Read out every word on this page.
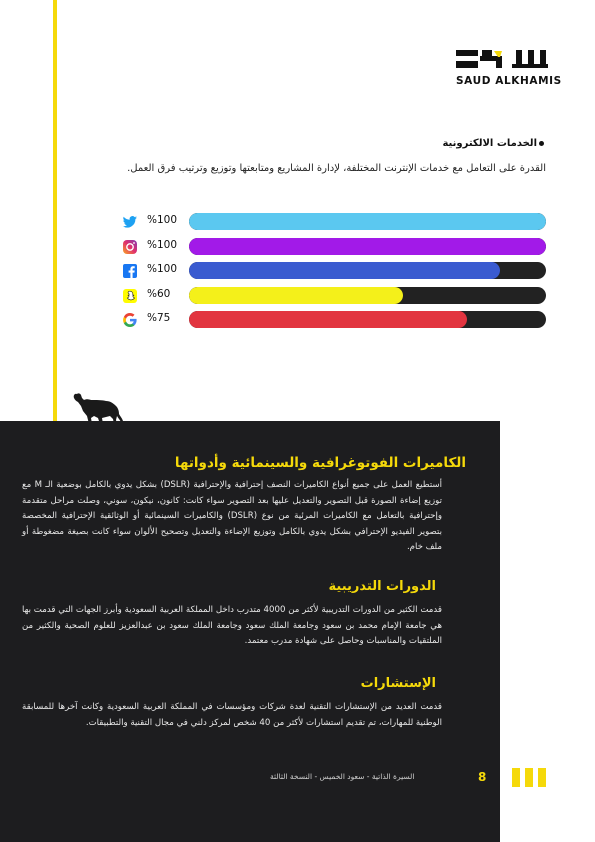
SAUD ALKHAMIS
الخدمات الالكترونية
القدرة على التعامل مع خدمات الإنترنت المختلفة، لإدارة المشاريع ومتابعتها وتوزيع وترتيب فرق العمل.
%100
%100
%100
%60
%75
الكاميرات الفوتوغرافية والسينمائية وأدواتها
أستطيع العمل على جميع أنواع الكاميرات النصف إحترافية والإحترافية (DSLR) بشكل يدوي بالكامل بوضعية الـ M مع توزيع إضاءة الصورة قبل التصوير والتعديل عليها بعد التصوير سواء كانت: كانون، نيكون، سوني، وصلت مراحل متقدمة وإحترافية بالتعامل مع الكاميرات المرئية من نوع (DSLR) والكاميرات السينمائية أو الوثائقية الإحترافية المخصصة بتصوير الفيديو الإحترافي بشكل يدوي بالكامل وتوزيع الإضاءة والتعديل وتصحيح الألوان سواء كانت بصيغة مضغوطة أو ملف خام.
الدورات التدريبية
قدمت الكثير من الدورات التدريبية لأكثر من 4000 متدرب داخل المملكة العربية السعودية وأبرز الجهات التي قدمت بها هي جامعة الإمام محمد بن سعود وجامعة الملك سعود وجامعة الملك سعود بن عبدالعزيز للعلوم الصحية والكثير من الملتقيات والمناسبات وحاصل على شهادة مدرب معتمد.
الإستشارات
قدمت العديد من الإستشارات التقنية لعدة شركات ومؤسسات في المملكة العربية السعودية وكانت آخرها للمسابقة الوطنية للمهارات، تم تقديم استشارات لأكثر من 40 شخص لمركز دلني في مجال التقنية والتطبيقات.
السيرة الذاتية - سعود الخميس - النسخة الثالثة	8
